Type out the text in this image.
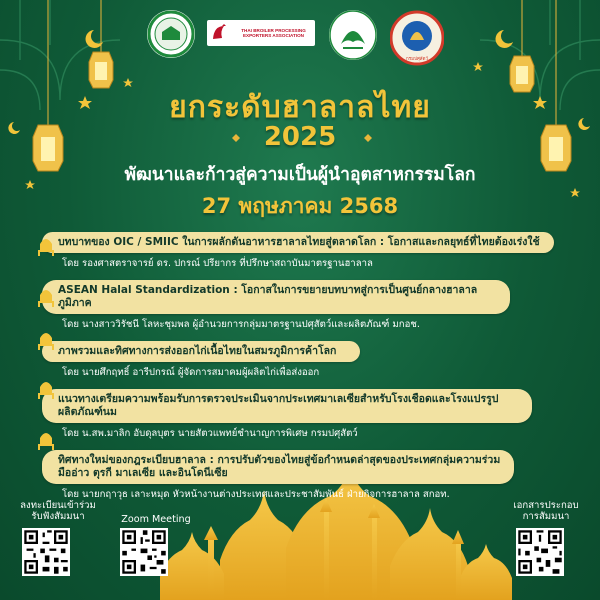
THAI BROILER PROCESSING
EXPORTERS ASSOCIATION
กรมปศุสัตว์
ยกระดับฮาลาลไทย
2025
พัฒนาและก้าวสู่ความเป็นผู้นำอุตสาหกรรมโลก
27 พฤษภาคม 2568
บทบาทของ OIC / SMIIC ในการผลักดันอาหารฮาลาลไทยสู่ตลาดโลก : โอกาสและกลยุทธ์ที่ไทยต้องเร่งใช้
โดย รองศาสตราจารย์ ดร. ปกรณ์ ปรียากร ที่ปรึกษาสถาบันมาตรฐานฮาลาล
ASEAN Halal Standardization : โอกาสในการขยายบทบาทสู่การเป็นศูนย์กลางฮาลาลภูมิภาค
โดย นางสาววิรัชนี โลหะชุมพล ผู้อำนวยการกลุ่มมาตรฐานปศุสัตว์และผลิตภัณฑ์ มกอช.
ภาพรวมและทิศทางการส่งออกไก่เนื้อไทยในสมรภูมิการค้าโลก
โดย นายศึกฤทธิ์ อารีปกรณ์ ผู้จัดการสมาคมผู้ผลิตไก่เพื่อส่งออก
แนวทางเตรียมความพร้อมรับการตรวจประเมินจากประเทศมาเลเซียสำหรับโรงเชือดและโรงแปรรูปผลิตภัณฑ์นม
โดย น.สพ.มาลิก อับดุลบุตร นายสัตวแพทย์ชำนาญการพิเศษ กรมปศุสัตว์
ทิศทางใหม่ของกฎระเบียบฮาลาล : การปรับตัวของไทยสู่ข้อกำหนดล่าสุดของประเทศกลุ่มความร่วมมืออ่าว ตุรกี มาเลเซีย และอินโดนีเซีย
โดย นายกฤาวุธ เลาะหมุด หัวหน้างานต่างประเทศและประชาสัมพันธ์ ฝ่ายกิจการฮาลาล สกอท.
ลงทะเบียนเข้าร่วม
รับฟังสัมมนา	Zoom Meeting
เอกสารประกอบ
การสัมมนา
